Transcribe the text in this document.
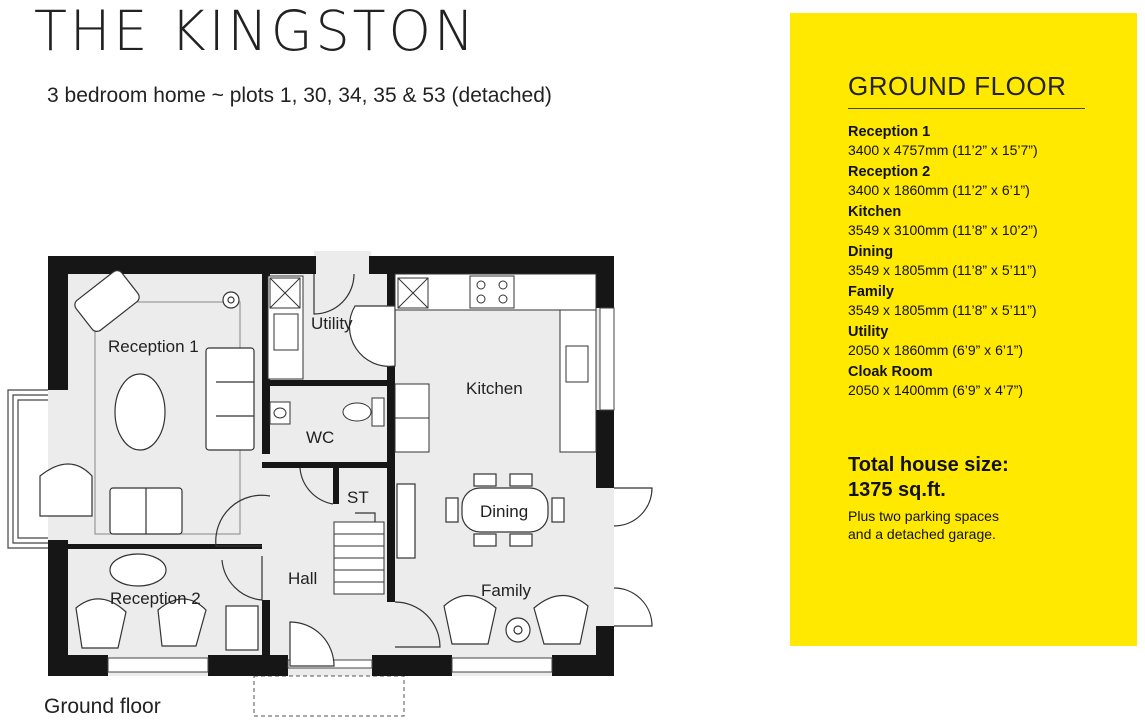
THE KINGSTON
3 bedroom home ~ plots 1, 30, 34, 35 & 53 (detached)
Reception 1
Reception 2
Utility
WC
ST
Hall
Kitchen
Dining
Family
Ground floor
GROUND FLOOR
Reception 1
3400 x 4757mm (11’2” x 15’7”)
Reception 2
3400 x 1860mm (11’2” x 6’1”)
Kitchen
3549 x 3100mm (11’8” x 10’2”)
Dining
3549 x 1805mm (11’8” x 5’11”)
Family
3549 x 1805mm (11’8” x 5’11”)
Utility
2050 x 1860mm (6’9” x 6’1”)
Cloak Room
2050 x 1400mm (6’9” x 4’7”)
Total house size:
1375 sq.ft.
Plus two parking spaces
and a detached garage.
